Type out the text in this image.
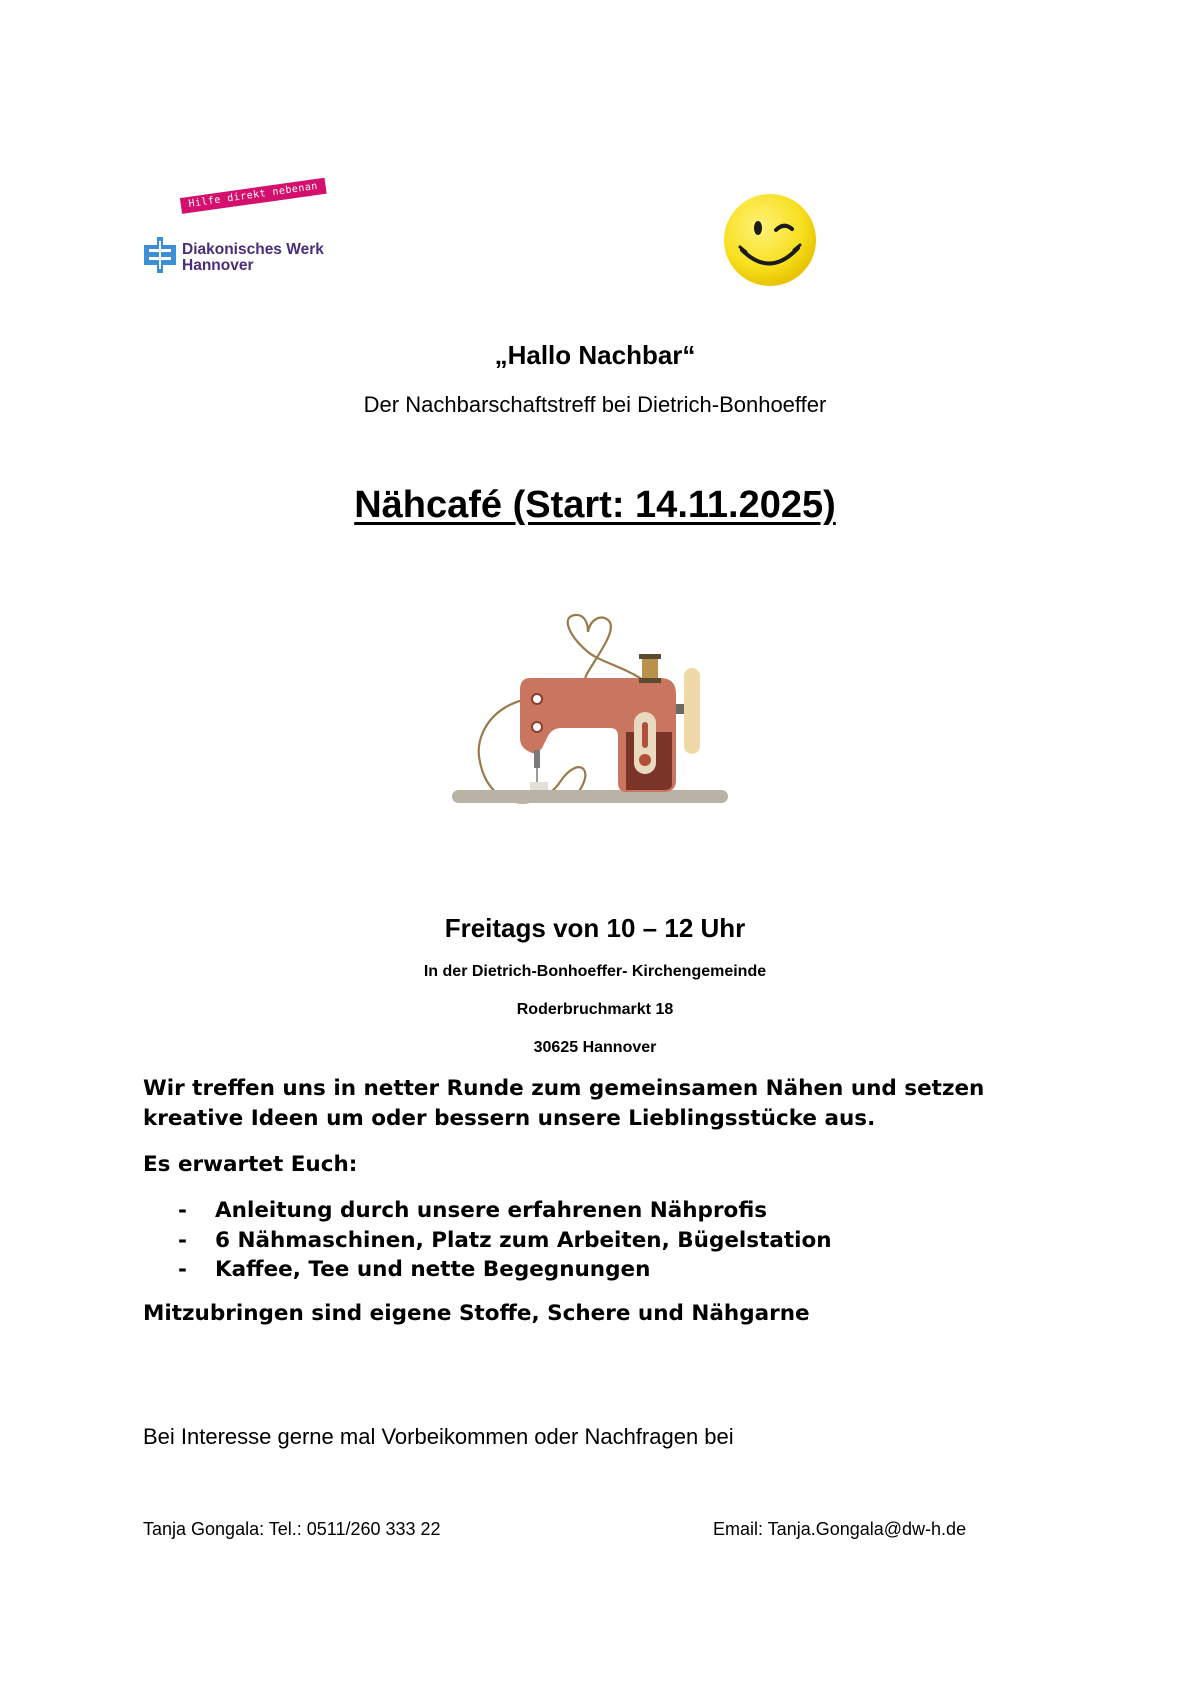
Hilfe direkt nebenan
Diakonisches Werk
Hannover
„Hallo Nachbar“
Der Nachbarschaftstreff bei Dietrich-Bonhoeffer
Nähcafé (Start: 14.11.2025)
Freitags von 10 – 12 Uhr
In der Dietrich-Bonhoeffer- Kirchengemeinde
Roderbruchmarkt 18
30625 Hannover
Wir treffen uns in netter Runde zum gemeinsamen Nähen und setzen kreative Ideen um oder bessern unsere Lieblingsstücke aus.
Es erwartet Euch:
- Anleitung durch unsere erfahrenen Nähprofis
- 6 Nähmaschinen, Platz zum Arbeiten, Bügelstation
- Kaffee, Tee und nette Begegnungen
Mitzubringen sind eigene Stoffe, Schere und Nähgarne
Bei Interesse gerne mal Vorbeikommen oder Nachfragen bei
Tanja Gongala: Tel.: 0511/260 333 22	Email: Tanja.Gongala@dw-h.de
